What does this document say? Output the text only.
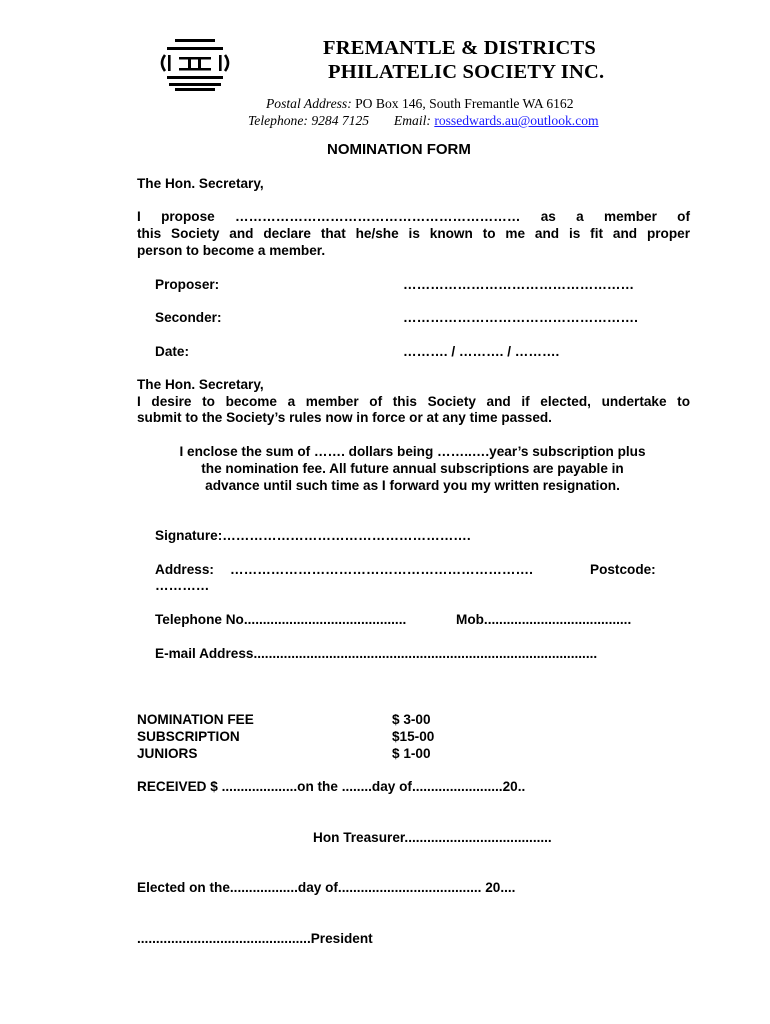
FREMANTLE & DISTRICTS
PHILATELIC SOCIETY INC.
Postal Address: PO Box 146, South Fremantle WA 6162
Telephone: 9284 7125 Email: rossedwards.au@outlook.com
NOMINATION FORM
The Hon. Secretary,
I propose ……………………………………………………… as a member of
this Society and declare that he/she is known to me and is fit and proper
person to become a member.
Proposer:	……………………………………………
Seconder:	…………………………………………….
Date:	………. / ………. / ……….
The Hon. Secretary,
I desire to become a member of this Society and if elected, undertake to
submit to the Society’s rules now in force or at any time passed.
I enclose the sum of ……. dollars being ……..….year’s subscription plus
the nomination fee. All future annual subscriptions are payable in
advance until such time as I forward you my written resignation.
Signature:……………………………………………….
Address: ………………………………………………………….	Postcode:
…………
Telephone No...........................................	Mob.......................................
E-mail Address...........................................................................................
NOMINATION FEE	$ 3-00
SUBSCRIPTION	$15-00
JUNIORS	$ 1-00
RECEIVED $ ....................on the ........day of........................20..
Hon Treasurer.......................................
Elected on the..................day of...................................... 20....
..............................................President
